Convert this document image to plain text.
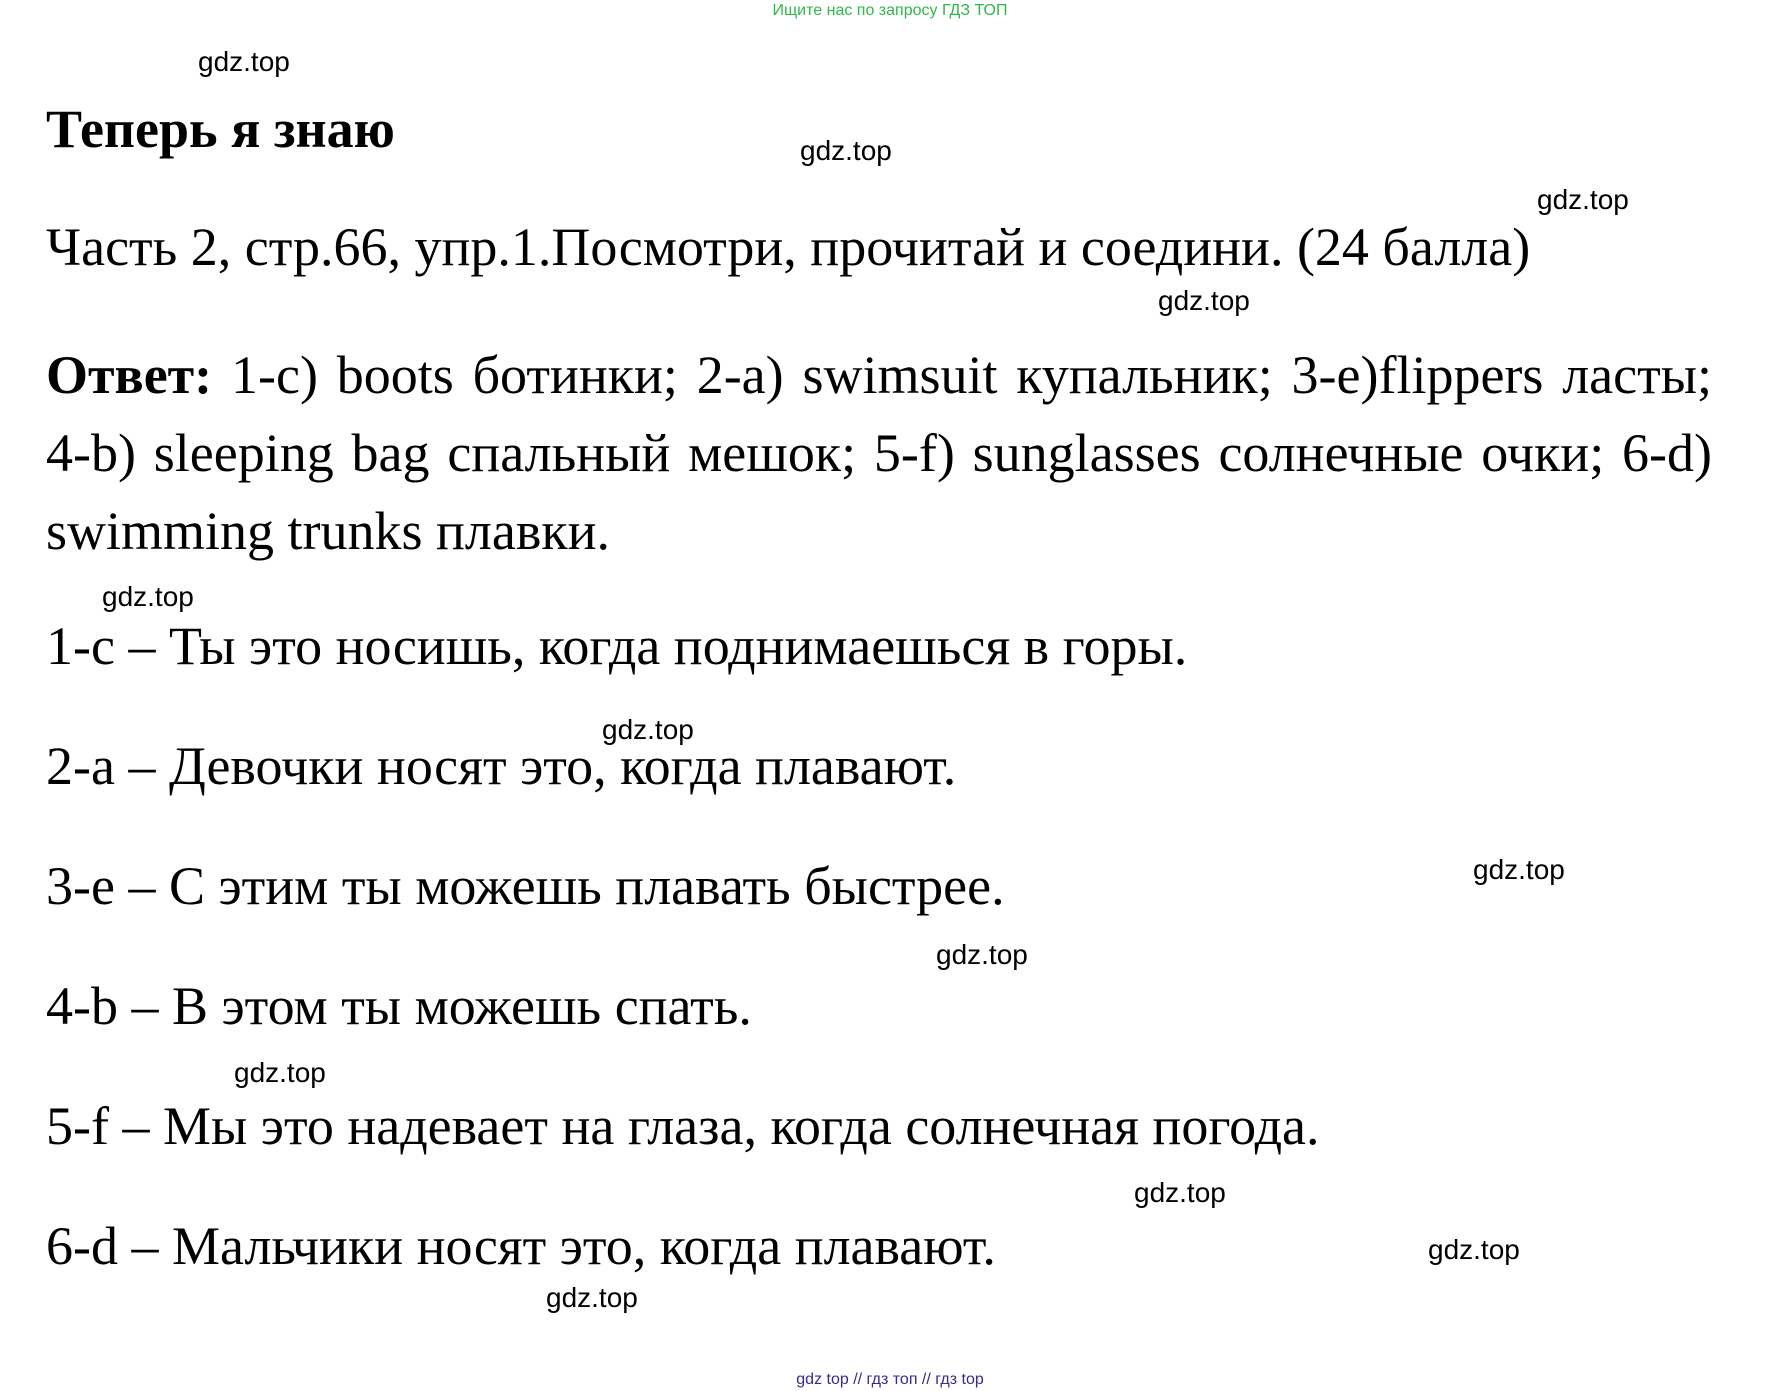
Ищите нас по запросу ГДЗ ТОП
gdz.top
gdz.top
gdz.top
gdz.top
gdz.top
gdz.top
gdz.top
gdz.top
gdz.top
gdz.top
gdz.top
gdz.top
Теперь я знаю
Часть 2, стр.66, упр.1.Посмотри, прочитай и соедини. (24 балла)
Ответ: 1-c) boots ботинки; 2-a) swimsuit купальник; 3-e)flippers ласты; 4-b) sleeping bag спальный мешок; 5-f) sunglasses солнечные очки; 6-d) swimming trunks плавки.
1-c – Ты это носишь, когда поднимаешься в горы.
2-a – Девочки носят это, когда плавают.
3-e – С этим ты можешь плавать быстрее.
4-b – В этом ты можешь спать.
5-f – Мы это надевает на глаза, когда солнечная погода.
6-d – Мальчики носят это, когда плавают.
gdz top // гдз топ // гдз top
